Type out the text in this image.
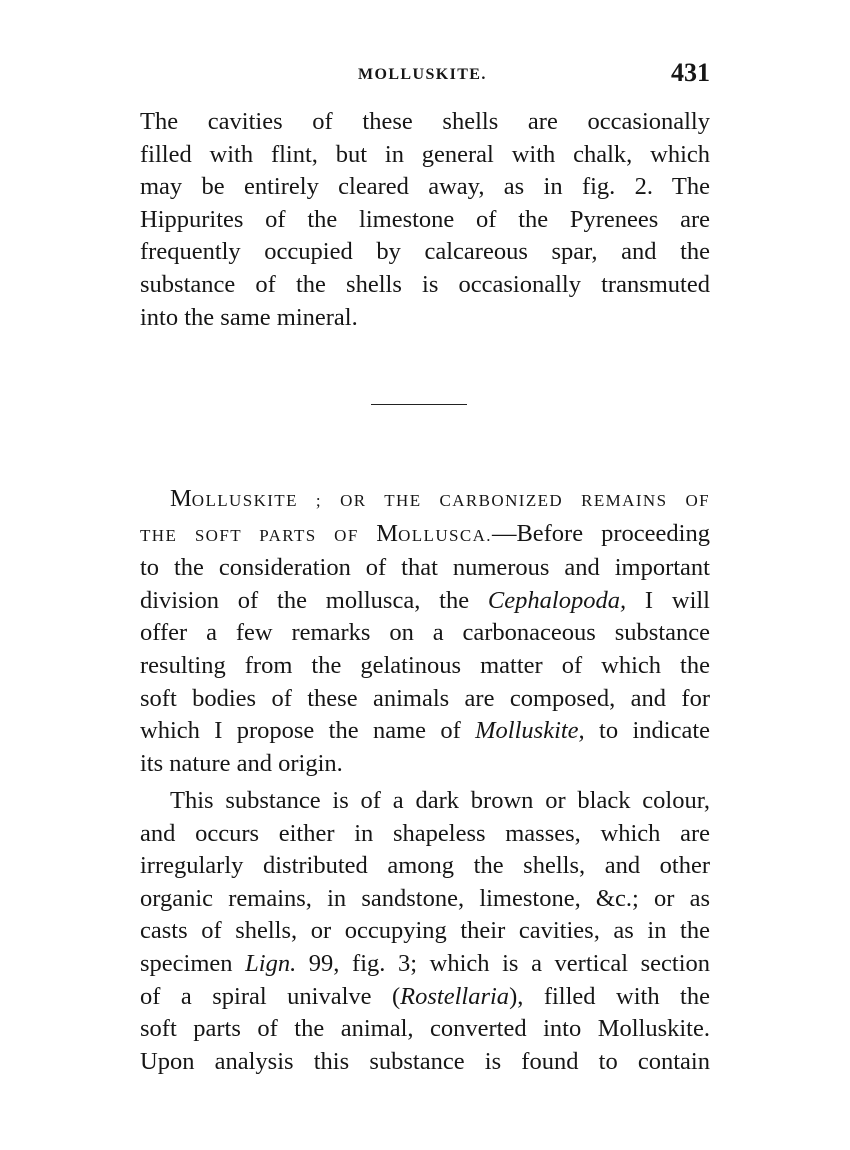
MOLLUSKITE.	431
The cavities of these shells are occasionally
filled with flint, but in general with chalk, which
may be entirely cleared away, as in fig. 2. The
Hippurites of the limestone of the Pyrenees are
frequently occupied by calcareous spar, and the
substance of the shells is occasionally transmuted
into the same mineral.
MOLLUSKITE ; OR THE CARBONIZED REMAINS OF
THE SOFT PARTS OF MOLLUSCA.—Before proceeding
to the consideration of that numerous and important
division of the mollusca, the Cephalopoda, I will
offer a few remarks on a carbonaceous substance
resulting from the gelatinous matter of which the
soft bodies of these animals are composed, and for
which I propose the name of Molluskite, to indicate
its nature and origin.
This substance is of a dark brown or black colour,
and occurs either in shapeless masses, which are
irregularly distributed among the shells, and other
organic remains, in sandstone, limestone, &c.; or as
casts of shells, or occupying their cavities, as in the
specimen Lign. 99, fig. 3; which is a vertical section
of a spiral univalve (Rostellaria), filled with the
soft parts of the animal, converted into Molluskite.
Upon analysis this substance is found to contain
